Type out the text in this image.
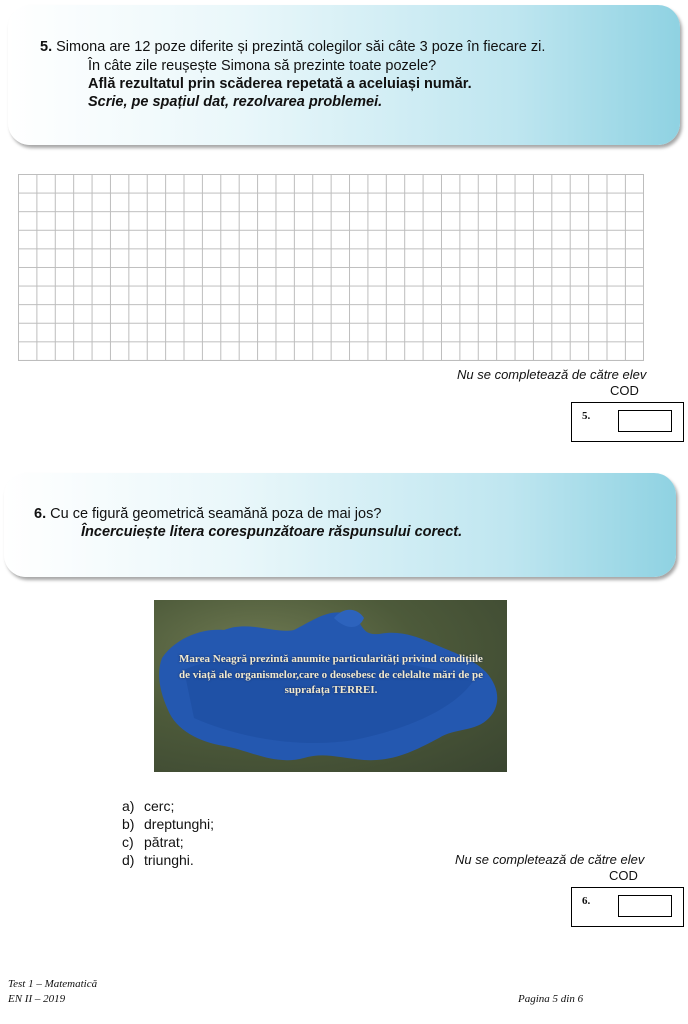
5. Simona are 12 poze diferite și prezintă colegilor săi câte 3 poze în fiecare zi.
În câte zile reușește Simona să prezinte toate pozele?
Află rezultatul prin scăderea repetată a aceluiași număr.
Scrie, pe spațiul dat, rezolvarea problemei.
Nu se completează de către elev
COD
5.
6. Cu ce figură geometrică seamănă poza de mai jos?
Încercuiește litera corespunzătoare răspunsului corect.
Marea Neagră prezintă anumite particularități privind condițiile de viață ale organismelor,care o deosebesc de celelalte mări de pe suprafața TERREI.
a) cerc;
b) dreptunghi;
c) pătrat;
d) triunghi.	Nu se completează de către elev
COD
6.
Test 1 – Matematică
EN II – 2019	Pagina 5 din 6
